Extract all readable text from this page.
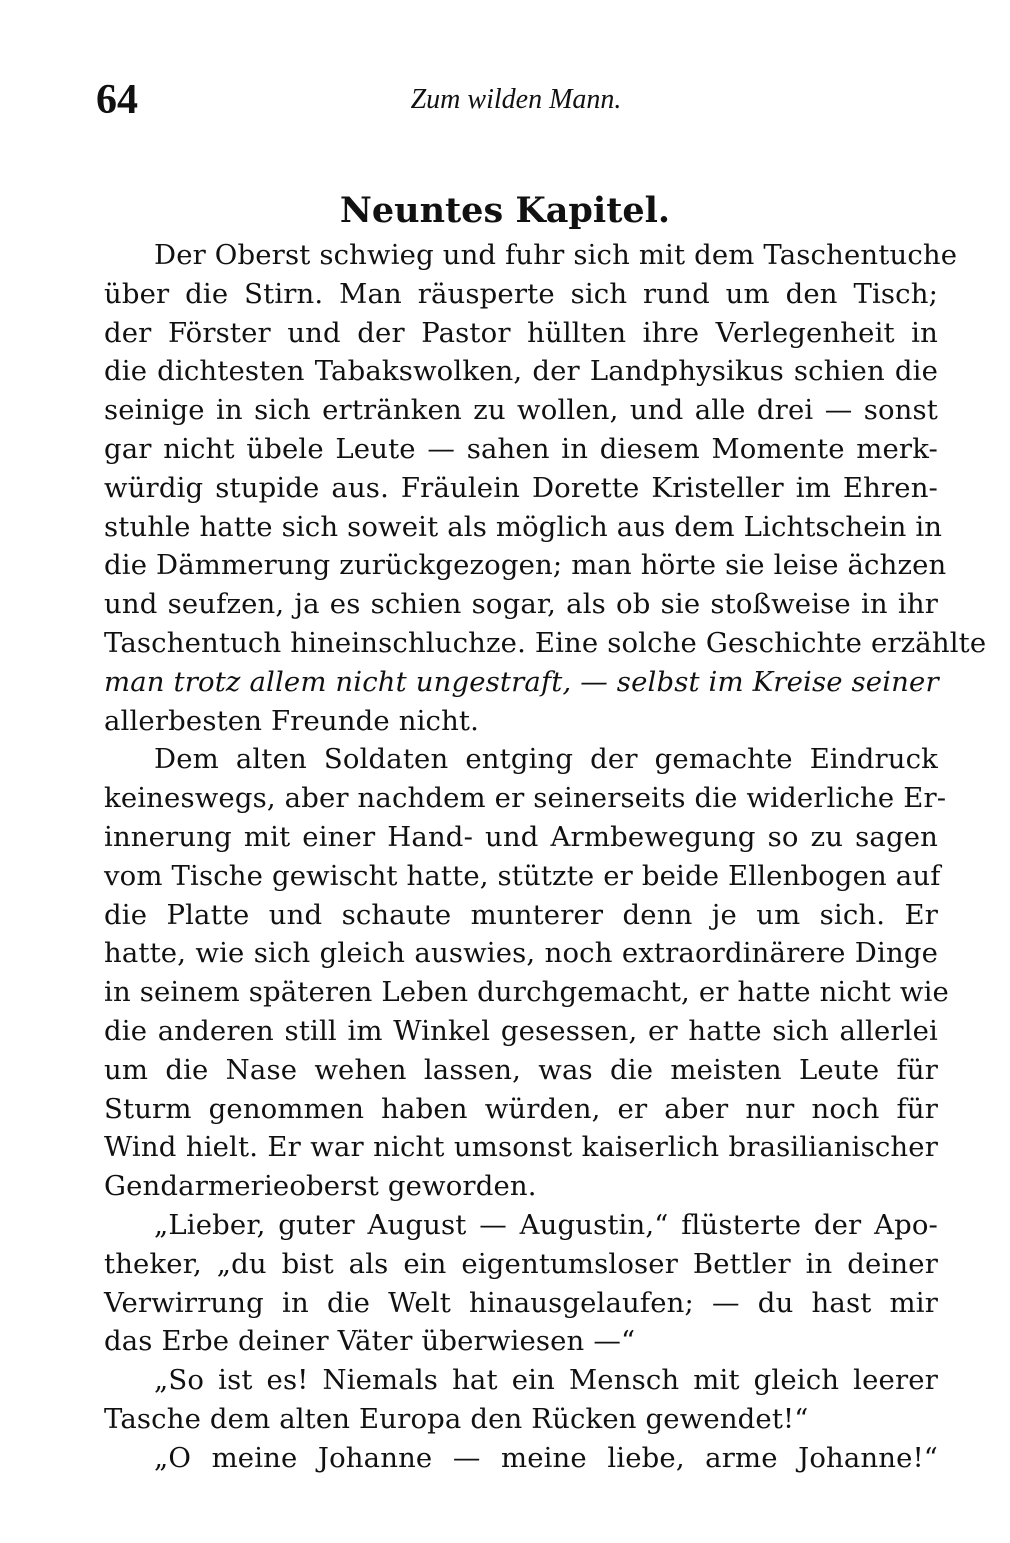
64	Zum wilden Mann.
Neuntes Kapitel.
Der Oberst schwieg und fuhr sich mit dem Taschentuche
über die Stirn. Man räusperte sich rund um den Tisch;
der Förster und der Pastor hüllten ihre Verlegenheit in
die dichtesten Tabakswolken, der Landphysikus schien die
seinige in sich ertränken zu wollen, und alle drei — sonst
gar nicht übele Leute — sahen in diesem Momente merk-
würdig stupide aus. Fräulein Dorette Kristeller im Ehren-
stuhle hatte sich soweit als möglich aus dem Lichtschein in
die Dämmerung zurückgezogen; man hörte sie leise ächzen
und seufzen, ja es schien sogar, als ob sie stoßweise in ihr
Taschentuch hineinschluchze. Eine solche Geschichte erzählte
man trotz allem nicht ungestraft, — selbst im Kreise seiner
allerbesten Freunde nicht.
Dem alten Soldaten entging der gemachte Eindruck
keineswegs, aber nachdem er seinerseits die widerliche Er-
innerung mit einer Hand- und Armbewegung so zu sagen
vom Tische gewischt hatte, stützte er beide Ellenbogen auf
die Platte und schaute munterer denn je um sich. Er
hatte, wie sich gleich auswies, noch extraordinärere Dinge
in seinem späteren Leben durchgemacht, er hatte nicht wie
die anderen still im Winkel gesessen, er hatte sich allerlei
um die Nase wehen lassen, was die meisten Leute für
Sturm genommen haben würden, er aber nur noch für
Wind hielt. Er war nicht umsonst kaiserlich brasilianischer
Gendarmerieoberst geworden.
„Lieber, guter August — Augustin,“ flüsterte der Apo-
theker, „du bist als ein eigentumsloser Bettler in deiner
Verwirrung in die Welt hinausgelaufen; — du hast mir
das Erbe deiner Väter überwiesen —“
„So ist es! Niemals hat ein Mensch mit gleich leerer
Tasche dem alten Europa den Rücken gewendet!“
„O meine Johanne — meine liebe, arme Johanne!“
